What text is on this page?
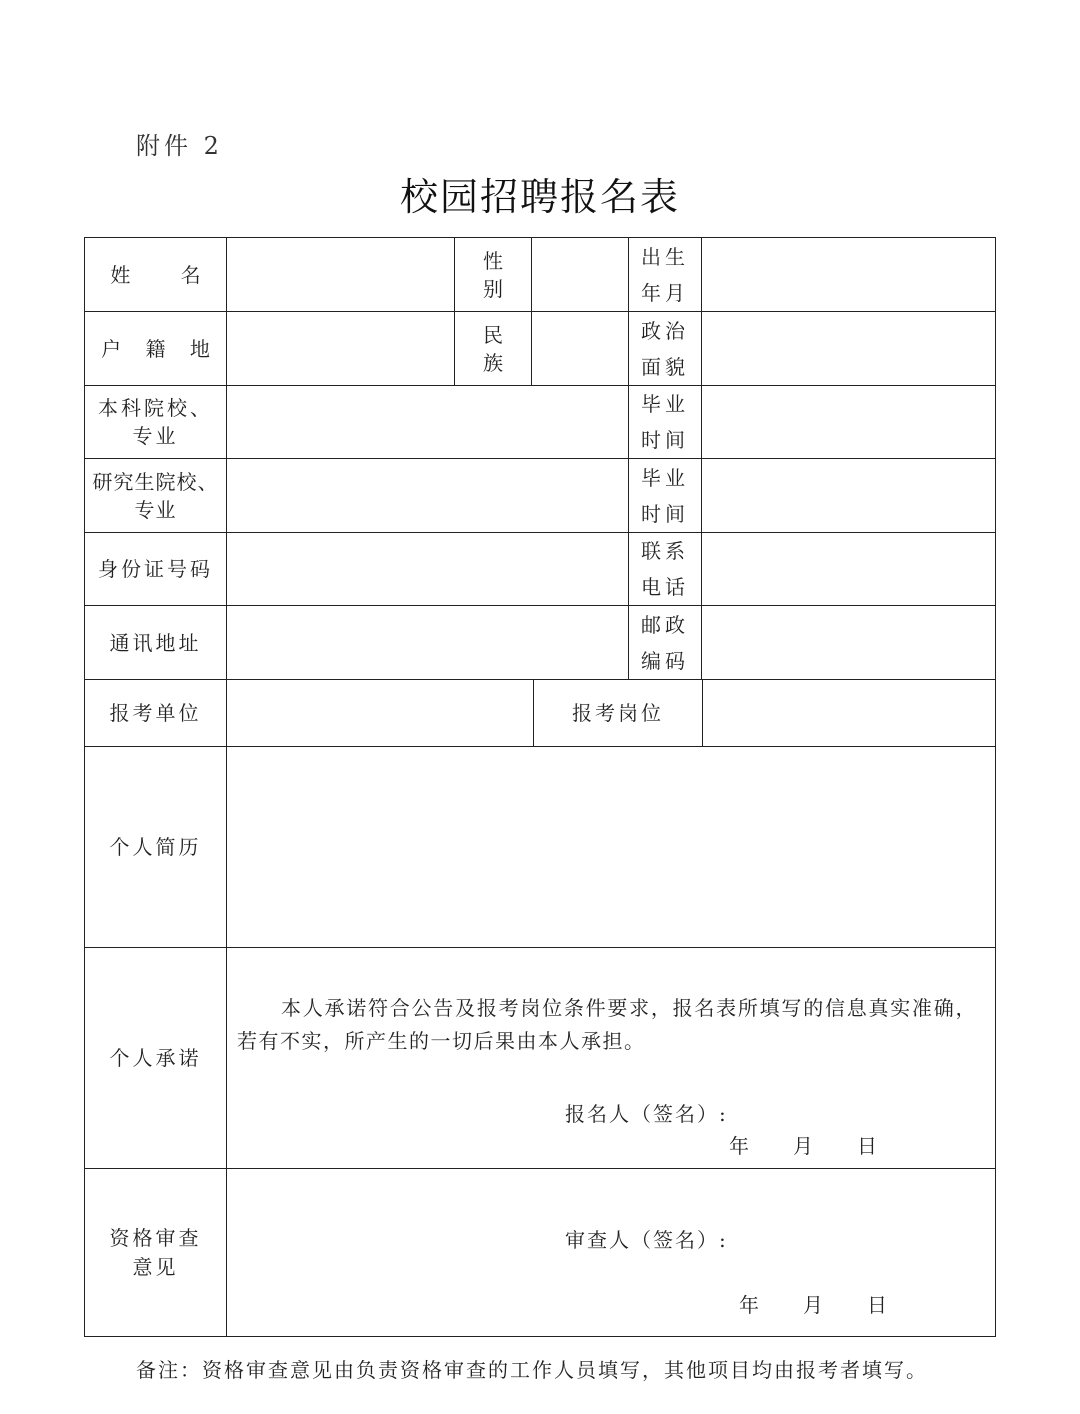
附件 2
校园招聘报名表
姓 名
性 别
出生
年月
户 籍 地
民 族
政治
面貌
本科院校、
专业
毕业
时间
研究生院校、
专业
毕业
时间
身份证号码
联系
电话
通讯地址
邮政
编码
报考单位	报考岗位
个人简历
个人承诺
本人承诺符合公告及报考岗位条件要求，报名表所填写的信息真实准确，若有不实，所产生的一切后果由本人承担。
报名人（签名）:
年 月 日
资格审查
意见
审查人（签名）:
年 月 日
备注：资格审查意见由负责资格审查的工作人员填写，其他项目均由报考者填写。
